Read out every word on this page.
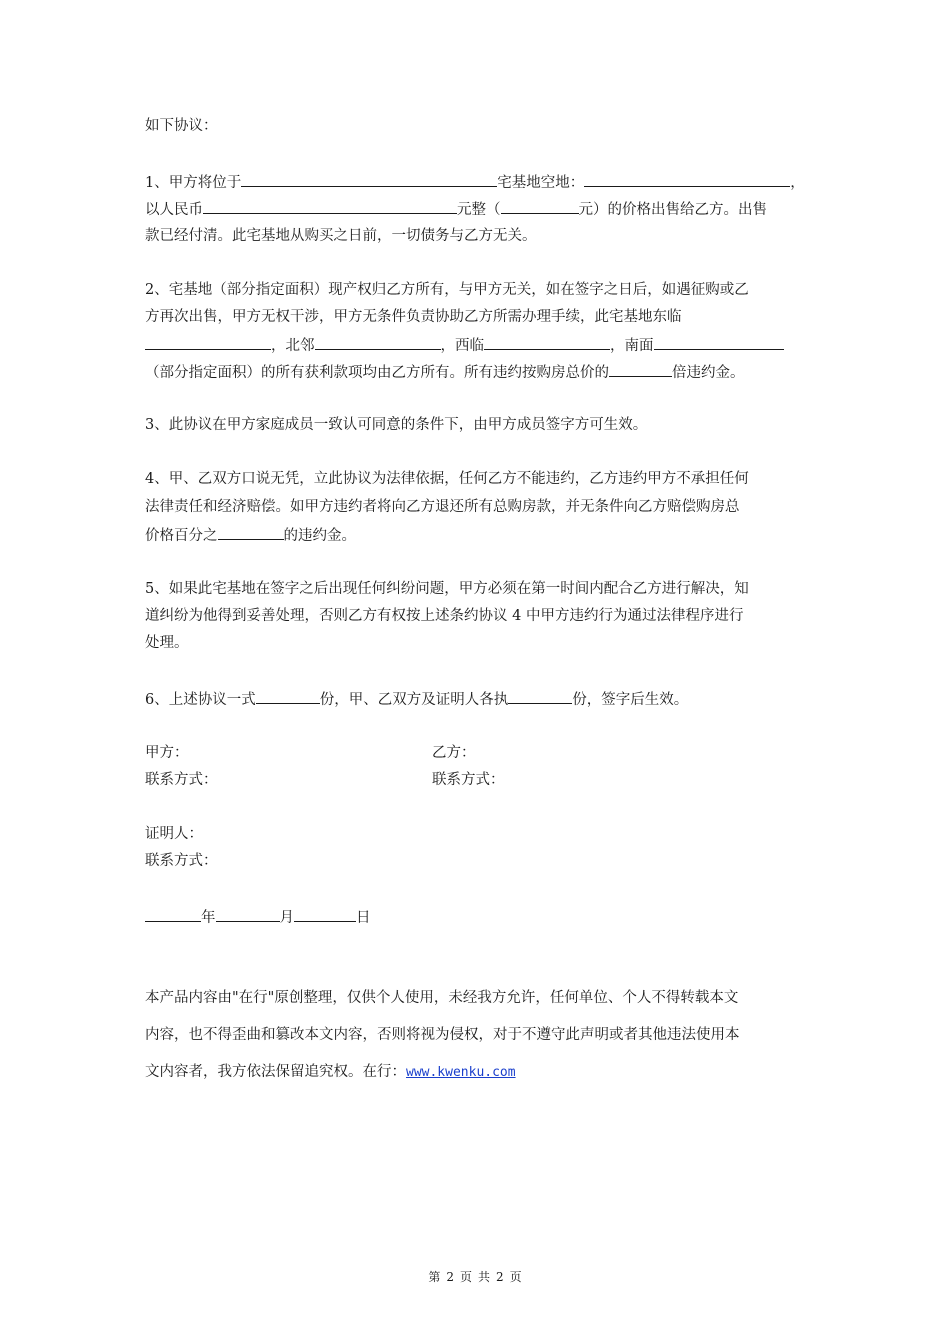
如下协议：
1、甲方将位于	宅基地空地：	，
以人民币	元整（	元）的价格出售给乙方。出售
款已经付清。此宅基地从购买之日前，一切债务与乙方无关。
2、宅基地（部分指定面积）现产权归乙方所有，与甲方无关，如在签字之日后，如遇征购或乙
方再次出售，甲方无权干涉，甲方无条件负责协助乙方所需办理手续，此宅基地东临
，北邻	，西临	，南面
（部分指定面积）的所有获利款项均由乙方所有。所有违约按购房总价的	倍违约金。
3、此协议在甲方家庭成员一致认可同意的条件下，由甲方成员签字方可生效。
4、甲、乙双方口说无凭，立此协议为法律依据，任何乙方不能违约，乙方违约甲方不承担任何
法律责任和经济赔偿。如甲方违约者将向乙方退还所有总购房款，并无条件向乙方赔偿购房总
价格百分之	的违约金。
5、如果此宅基地在签字之后出现任何纠纷问题，甲方必须在第一时间内配合乙方进行解决，知
道纠纷为他得到妥善处理，否则乙方有权按上述条约协议 4 中甲方违约行为通过法律程序进行
处理。
6、上述协议一式	份，甲、乙双方及证明人各执	份，签字后生效。
甲方：	乙方：
联系方式：	联系方式：
证明人：
联系方式：
年	月	日
本产品内容由"在行"原创整理，仅供个人使用，未经我方允许，任何单位、个人不得转载本文
内容，也不得歪曲和篡改本文内容，否则将视为侵权，对于不遵守此声明或者其他违法使用本
文内容者，我方依法保留追究权。在行：www.kwenku.com
第 2 页 共 2 页
